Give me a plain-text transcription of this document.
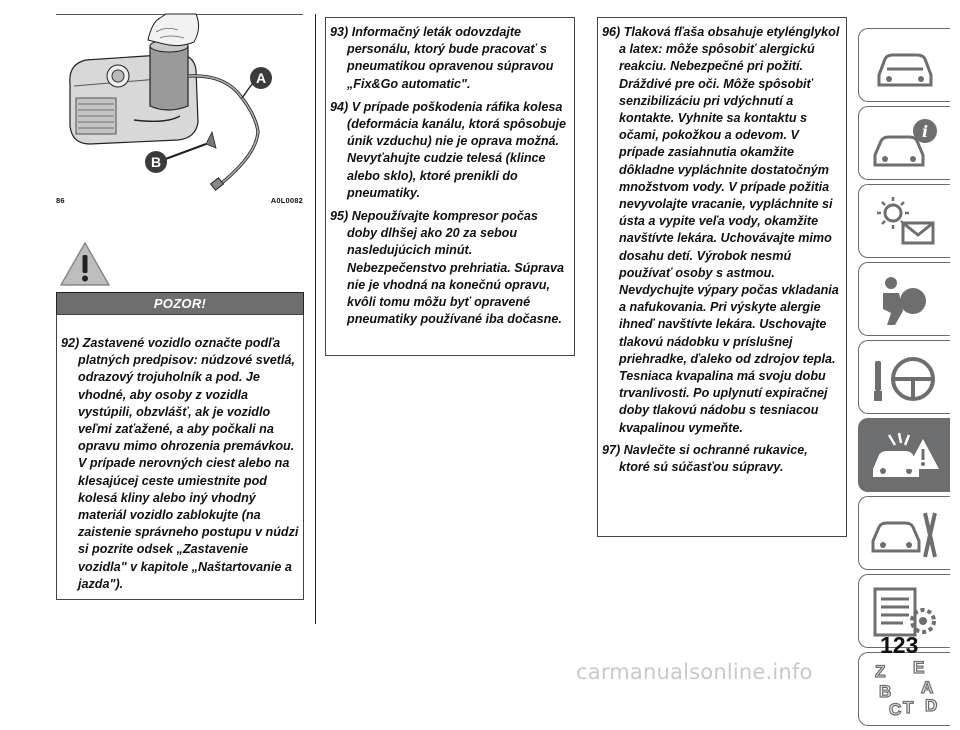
A
B
86	A0L0082
POZOR!

92) Zastavené vozidlo označte podľa platných predpisov: núdzové svetlá, odrazový trojuholník a pod. Je vhodné, aby osoby z vozidla vystúpili, obzvlášť, ak je vozidlo veľmi zaťažené, a aby počkali na opravu mimo ohrozenia premávkou. V prípade nerovných ciest alebo na klesajúcej ceste umiestnite pod kolesá kliny alebo iný vhodný materiál vozidlo zablokujte (na zaistenie správneho postupu v núdzi si pozrite odsek „Zastavenie vozidla" v kapitole „Naštartovanie a jazda").

93) Informačný leták odovzdajte personálu, ktorý bude pracovať s pneumatikou opravenou súpravou „Fix&Go automatic".

94) V prípade poškodenia ráfika kolesa (deformácia kanálu, ktorá spôsobuje únik vzduchu) nie je oprava možná. Nevyťahujte cudzie telesá (klince alebo sklo), ktoré prenikli do pneumatiky.

95) Nepoužívajte kompresor počas doby dlhšej ako 20 za sebou nasledujúcich minút. Nebezpečenstvo prehriatia. Súprava nie je vhodná na konečnú opravu, kvôli tomu môžu byť opravené pneumatiky používané iba dočasne.

96) Tlaková fľaša obsahuje etylénglykol a latex: môže spôsobiť alergickú reakciu. Nebezpečné pri požití. Dráždivé pre oči. Môže spôsobiť senzibilizáciu pri vdýchnutí a kontakte. Vyhnite sa kontaktu s očami, pokožkou a odevom. V prípade zasiahnutia okamžite dôkladne vypláchnite dostatočným množstvom vody. V prípade požitia nevyvolajte vracanie, vypláchnite si ústa a vypite veľa vody, okamžite navštívte lekára. Uchovávajte mimo dosahu detí. Výrobok nesmú používať osoby s astmou. Nevdychujte výpary počas vkladania a nafukovania. Pri výskyte alergie ihneď navštívte lekára. Uschovajte tlakovú nádobku v príslušnej priehradke, ďaleko od zdrojov tepla. Tesniaca kvapalina má svoju dobu trvanlivosti. Po uplynutí expiračnej doby tlakovú nádobu s tesniacou kvapalinou vymeňte.

97) Navlečte si ochranné rukavice, ktoré sú súčasťou súpravy.

i
Z E
B A
C T D
123
carmanualsonline.info
